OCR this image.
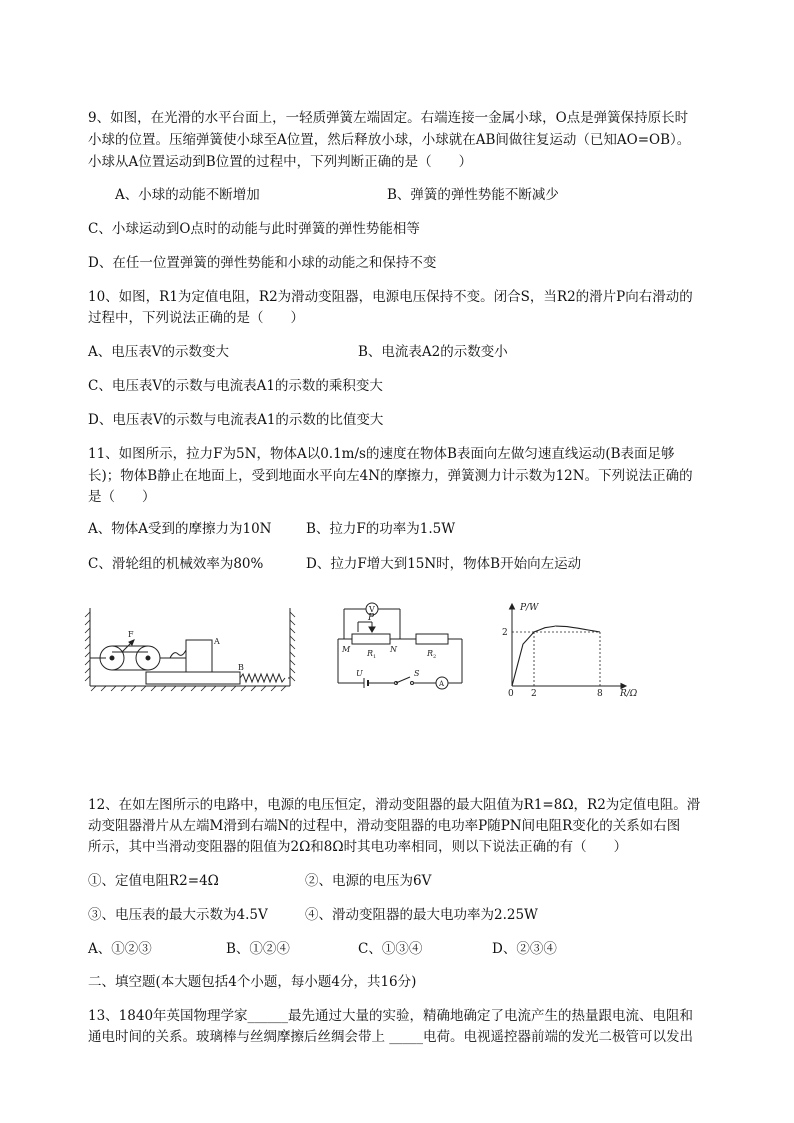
9、如图，在光滑的水平台面上，一轻质弹簧左端固定。右端连接一金属小球，O点是弹簧保持原长时
小球的位置。压缩弹簧使小球至A位置，然后释放小球，小球就在AB间做往复运动（已知AO=OB）。
小球从A位置运动到B位置的过程中，下列判断正确的是（　　）
A、小球的动能不断增加	B、弹簧的弹性势能不断减少
C、小球运动到O点时的动能与此时弹簧的弹性势能相等
D、在任一位置弹簧的弹性势能和小球的动能之和保持不变
10、如图，R1为定值电阻，R2为滑动变阻器，电源电压保持不变。闭合S，当R2的滑片P向右滑动的
过程中，下列说法正确的是（　　）
A、电压表V的示数变大	B、电流表A2的示数变小
C、电压表V的示数与电流表A1的示数的乘积变大
D、电压表V的示数与电流表A1的示数的比值变大
11、如图所示，拉力F为5N，物体A以0.1m/s的速度在物体B表面向左做匀速直线运动(B表面足够
长)；物体B静止在地面上，受到地面水平向左4N的摩擦力，弹簧测力计示数为12N。下列说法正确的
是（　　）
A、物体A受到的摩擦力为10N	B、拉力F的功率为1.5W
C、滑轮组的机械效率为80%	D、拉力F增大到15N时，物体B开始向左运动
F
A
B
V
P
M	N
R 1	R 2
U	S
A
P/W
R/Ω
2
0 2	8
12、在如左图所示的电路中，电源的电压恒定，滑动变阻器的最大阻值为R1=8Ω，R2为定值电阻。滑
动变阻器滑片从左端M滑到右端N的过程中，滑动变阻器的电功率P随PN间电阻R变化的关系如右图
所示，其中当滑动变阻器的阻值为2Ω和8Ω时其电功率相同，则以下说法正确的有（　　）
①、定值电阻R2=4Ω	②、电源的电压为6V
③、电压表的最大示数为4.5V	④、滑动变阻器的最大电功率为2.25W
A、①②③	B、①②④	C、①③④	D、②③④
二、填空题(本大题包括4个小题，每小题4分，共16分)
13、1840年英国物理学家______最先通过大量的实验，精确地确定了电流产生的热量跟电流、电阻和
通电时间的关系。玻璃棒与丝绸摩擦后丝绸会带上 _____电荷。电视遥控器前端的发光二极管可以发出
